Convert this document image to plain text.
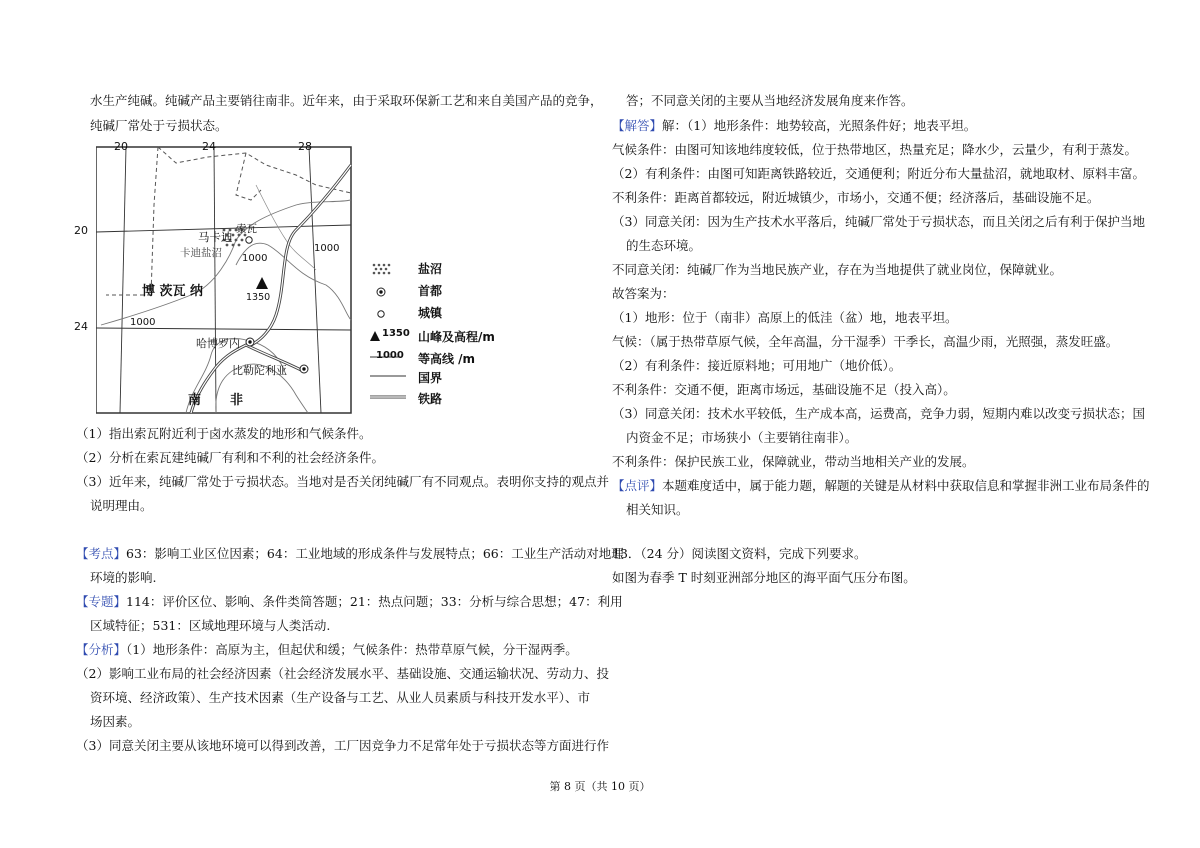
水生产纯碱。纯碱产品主要销往南非。近年来，由于采取环保新工艺和来自美国产品的竞争，
纯碱厂常处于亏损状态。
20	24	28
20
24
马卡迪
卡迪盐沼
索瓦
1000
1000
1000
1350
博 茨瓦 纳
哈博罗内
比勒陀利亚
南 非
盐沼
首都
城镇
1350 山峰及高程/m
1000 等高线 /m
国界
铁路
（1）指出索瓦附近利于卤水蒸发的地形和气候条件。
（2）分析在索瓦建纯碱厂有利和不利的社会经济条件。
（3）近年来，纯碱厂常处于亏损状态。当地对是否关闭纯碱厂有不同观点。表明你支持的观点并
说明理由。
【考点】63：影响工业区位因素；64：工业地域的形成条件与发展特点；66：工业生产活动对地理
环境的影响.
【专题】114：评价区位、影响、条件类简答题；21：热点问题；33：分析与综合思想；47：利用
区域特征；531：区域地理环境与人类活动.
【分析】（1）地形条件：高原为主，但起伏和缓；气候条件：热带草原气候，分干湿两季。
（2）影响工业布局的社会经济因素（社会经济发展水平、基础设施、交通运输状况、劳动力、投
资环境、经济政策）、生产技术因素（生产设备与工艺、从业人员素质与科技开发水平）、市
场因素。
（3）同意关闭主要从该地环境可以得到改善，工厂因竞争力不足常年处于亏损状态等方面进行作
答；不同意关闭的主要从当地经济发展角度来作答。
【解答】解：（1）地形条件：地势较高，光照条件好；地表平坦。
气候条件：由图可知该地纬度较低，位于热带地区，热量充足；降水少，云量少，有利于蒸发。
（2）有利条件：由图可知距离铁路较近，交通便利；附近分布大量盐沼，就地取材、原料丰富。
不利条件：距离首都较远，附近城镇少，市场小，交通不便；经济落后，基础设施不足。
（3）同意关闭：因为生产技术水平落后，纯碱厂常处于亏损状态，而且关闭之后有利于保护当地
的生态环境。
不同意关闭：纯碱厂作为当地民族产业，存在为当地提供了就业岗位，保障就业。
故答案为：
（1）地形：位于（南非）高原上的低洼（盆）地，地表平坦。
气候：（属于热带草原气候，全年高温，分干湿季）干季长，高温少雨，光照强，蒸发旺盛。
（2）有利条件：接近原料地；可用地广（地价低）。
不利条件：交通不便，距离市场远，基础设施不足（投入高）。
（3）同意关闭：技术水平较低，生产成本高，运费高，竞争力弱，短期内难以改变亏损状态；国
内资金不足；市场狭小（主要销往南非）。
不利条件：保护民族工业，保障就业，带动当地相关产业的发展。
【点评】本题难度适中，属于能力题，解题的关键是从材料中获取信息和掌握非洲工业布局条件的
相关知识。
13．（24 分）阅读图文资料，完成下列要求。
如图为春季 T 时刻亚洲部分地区的海平面气压分布图。
第 8 页（共 10 页）
